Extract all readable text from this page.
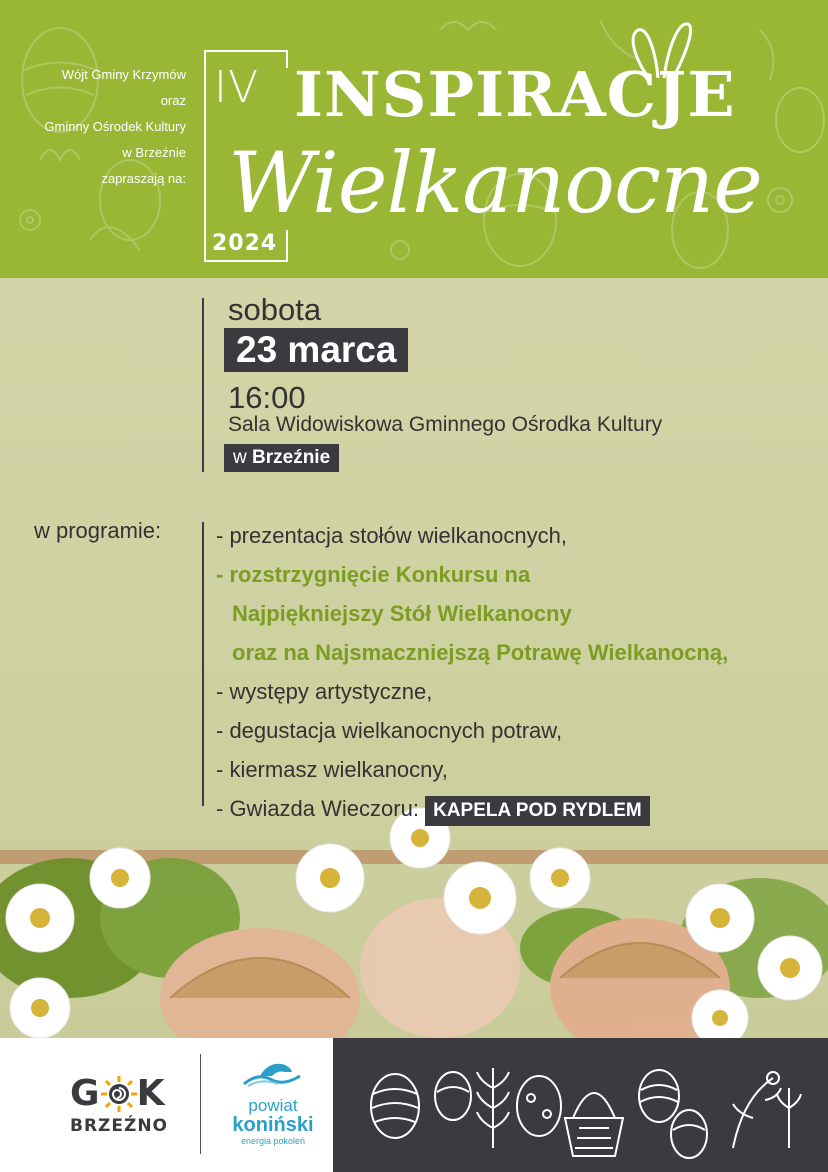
Wójt Gminy Krzymów
oraz
Gminny Ośrodek Kultury
w Brzeźnie
zapraszają na:
IV
2024
INSPIRACJE
Wielkanocne
sobota
23 marca
16:00
Sala Widowiskowa Gminnego Ośrodka Kultury
w Brzeźnie
w programie: - prezentacja stołów wielkanocnych,
- rozstrzygnięcie Konkursu na
Najpiękniejszy Stół Wielkanocny
oraz na Najsmaczniejszą Potrawę Wielkanocną,
- występy artystyczne,
- degustacja wielkanocnych potraw,
- kiermasz wielkanocny,
- Gwiazda Wieczoru: KAPELA POD RYDLEM
G K
BRZEŹNO
powiat
koniński
energia pokoleń
